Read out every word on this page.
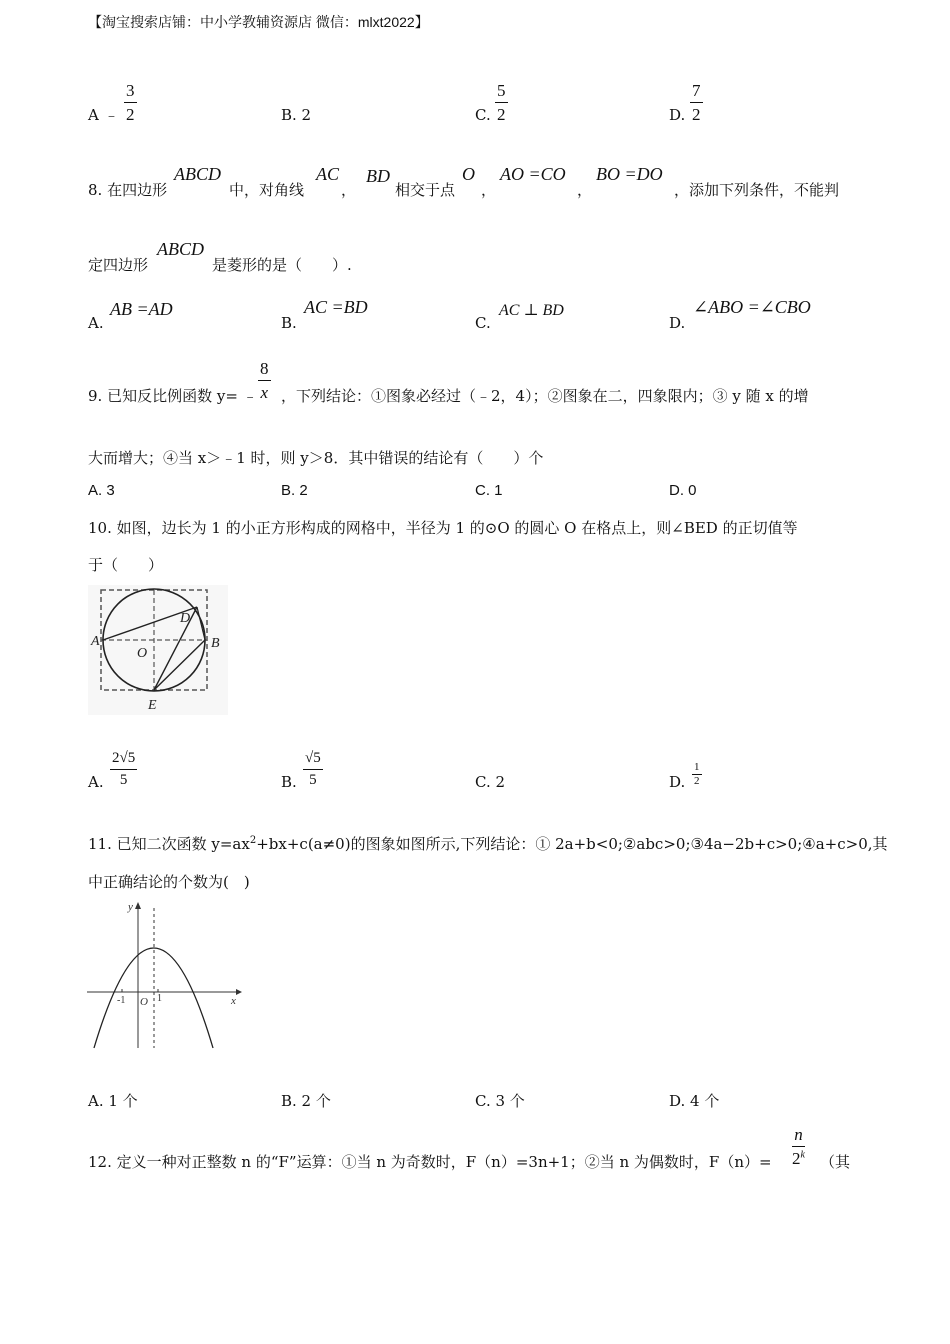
【淘宝搜索店铺：中小学教辅资源店 微信：mlxt2022】
A ﹣ $\frac{3}{2}$	B. 2	C. $\frac{5}{2}$	D. $\frac{7}{2}$
8. 在四边形
ABCD
中，对角线
AC
，
BD
相交于点
O
，
AO =CO
，
BO =DO
，添加下列条件，不能判
定四边形
ABCD
是菱形的是（　　）.
A.
AB =AD
B.
AC =BD
C.
AC ⊥ BD
D.
∠ABO =∠CBO
9. 已知反比例函数 y= ﹣ $\frac{8}{x}$ ，下列结论：①图象必经过（﹣2，4）；②图象在二，四象限内；③ y 随 x 的增
大而增大；④当 x＞﹣1 时，则 y＞8．其中错误的结论有（　　）个
A. 3	B. 2	C. 1	D. 0
10. 如图，边长为 1 的小正方形构成的网格中，半径为 1 的⊙O 的圆心 O 在格点上，则∠BED 的正切值等
于（　　）
A	B
D
O
E
A. $\frac{2√5}{5}$	B. $\frac{√5}{5}$	C. 2	D. $\frac{1}{2}$
11. 已知二次函数 $y=ax^2+bx+c(a\ne 0)$的图象如图所示,下列结论：① 2a+b<0;②abc>0;③4a−2b+c>0;④a+c>0,其
中正确结论的个数为(　)
y
x
O
-1	1
A. 1 个	B. 2 个	C. 3 个	D. 4 个
12. 定义一种对正整数 n 的“F”运算：①当 n 为奇数时，F（n）=3n+1；②当 n 为偶数时，$F(n)= \frac{n}{2^k}$ （其
